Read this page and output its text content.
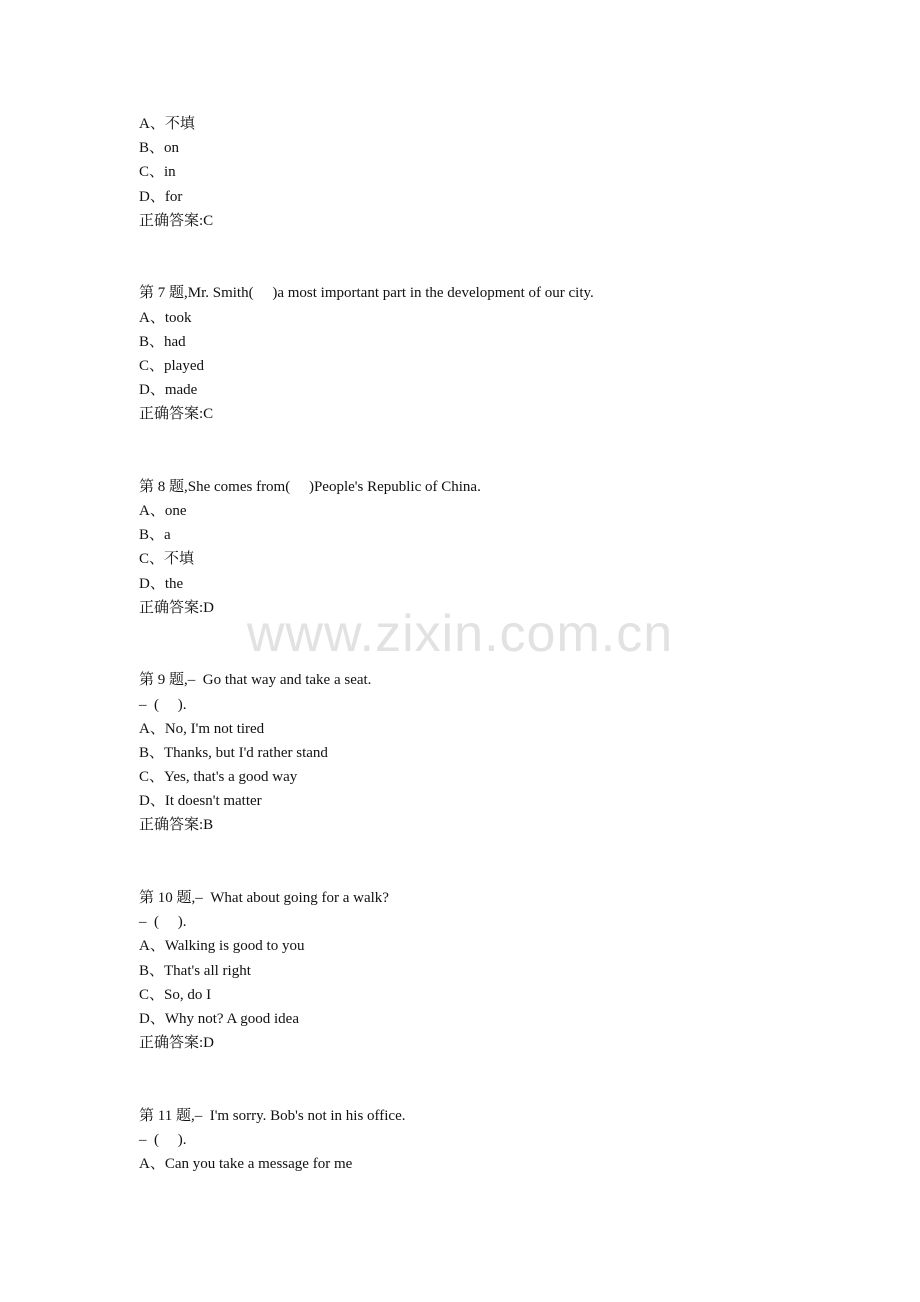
A、不填
B、on
C、in
D、for
正确答案:C
第 7 题,Mr. Smith(     )a most important part in the development of our city.
A、took
B、had
C、played
D、made
正确答案:C
第 8 题,She comes from(     )People's Republic of China.
A、one
B、a
C、不填
D、the
正确答案:D
第 9 题,–  Go that way and take a seat.
–  (     ).
A、No, I'm not tired
B、Thanks, but I'd rather stand
C、Yes, that's a good way
D、It doesn't matter
正确答案:B
第 10 题,–  What about going for a walk?
–  (     ).
A、Walking is good to you
B、That's all right
C、So, do I
D、Why not? A good idea
正确答案:D
第 11 题,–  I'm sorry. Bob's not in his office.
–  (     ).
A、Can you take a message for me
www.zixin.com.cn
